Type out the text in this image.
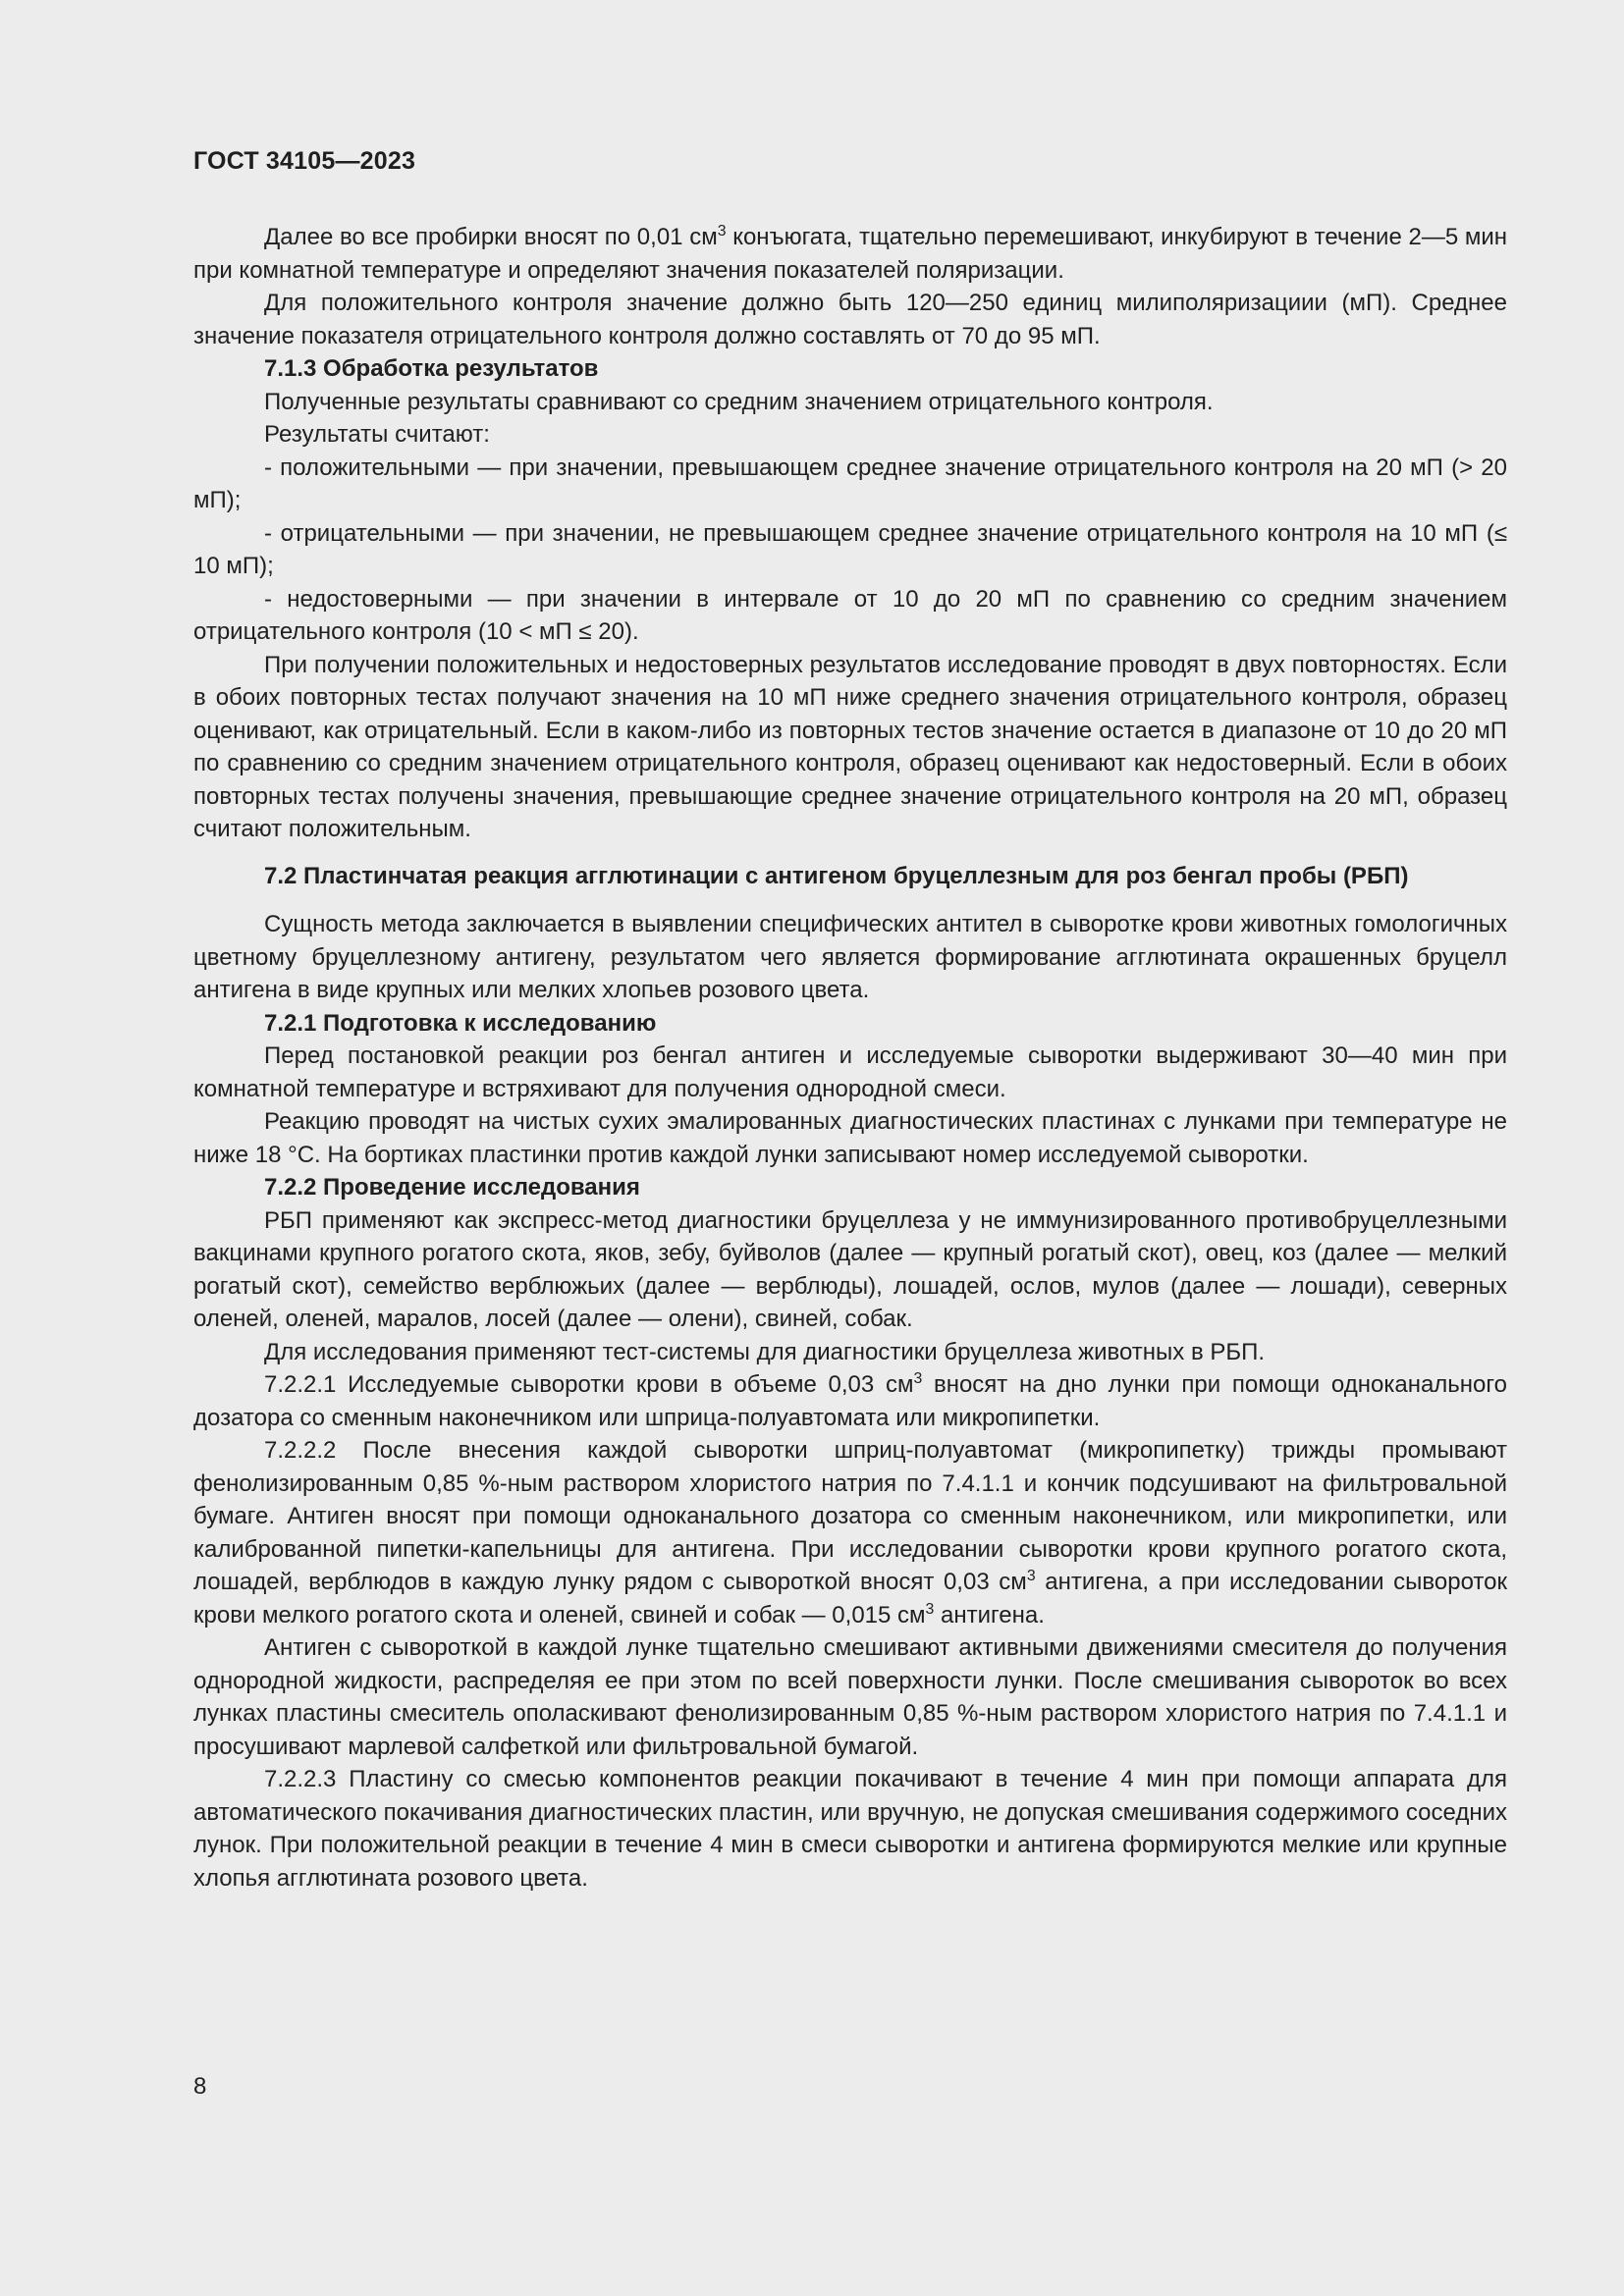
ГОСТ 34105—2023

Далее во все пробирки вносят по 0,01 $см^3$ конъюгата, тщательно перемешивают, инкубируют в течение 2—5 мин при комнатной температуре и определяют значения показателей поляризации.

Для положительного контроля значение должно быть 120—250 единиц милиполяризациии (мП). Среднее значение показателя отрицательного контроля должно составлять от 70 до 95 мП.

7.1.3 Обработка результатов

Полученные результаты сравнивают со средним значением отрицательного контроля.

Результаты считают:

- положительными — при значении, превышающем среднее значение отрицательного контроля на 20 мП (> 20 мП);

- отрицательными — при значении, не превышающем среднее значение отрицательного контроля на 10 мП (≤ 10 мП);

- недостоверными — при значении в интервале от 10 до 20 мП по сравнению со средним значением отрицательного контроля (10 < мП ≤ 20).

При получении положительных и недостоверных результатов исследование проводят в двух повторностях. Если в обоих повторных тестах получают значения на 10 мП ниже среднего значения отрицательного контроля, образец оценивают, как отрицательный. Если в каком-либо из повторных тестов значение остается в диапазоне от 10 до 20 мП по сравнению со средним значением отрицательного контроля, образец оценивают как недостоверный. Если в обоих повторных тестах получены значения, превышающие среднее значение отрицательного контроля на 20 мП, образец считают положительным.

7.2 Пластинчатая реакция агглютинации с антигеном бруцеллезным для роз бенгал пробы (РБП)

Сущность метода заключается в выявлении специфических антител в сыворотке крови животных гомологичных цветному бруцеллезному антигену, результатом чего является формирование агглютината окрашенных бруцелл антигена в виде крупных или мелких хлопьев розового цвета.

7.2.1 Подготовка к исследованию

Перед постановкой реакции роз бенгал антиген и исследуемые сыворотки выдерживают 30—40 мин при комнатной температуре и встряхивают для получения однородной смеси.

Реакцию проводят на чистых сухих эмалированных диагностических пластинах с лунками при температуре не ниже 18 °С. На бортиках пластинки против каждой лунки записывают номер исследуемой сыворотки.

7.2.2 Проведение исследования

РБП применяют как экспресс-метод диагностики бруцеллеза у не иммунизированного противобруцеллезными вакцинами крупного рогатого скота, яков, зебу, буйволов (далее — крупный рогатый скот), овец, коз (далее — мелкий рогатый скот), семейство верблюжьих (далее — верблюды), лошадей, ослов, мулов (далее — лошади), северных оленей, оленей, маралов, лосей (далее — олени), свиней, собак.

Для исследования применяют тест-системы для диагностики бруцеллеза животных в РБП.

7.2.2.1 Исследуемые сыворотки крови в объеме 0,03 $см^3$ вносят на дно лунки при помощи одноканального дозатора со сменным наконечником или шприца-полуавтомата или микропипетки.

7.2.2.2 После внесения каждой сыворотки шприц-полуавтомат (микропипетку) трижды промывают фенолизированным 0,85 %-ным раствором хлористого натрия по 7.4.1.1 и кончик подсушивают на фильтровальной бумаге. Антиген вносят при помощи одноканального дозатора со сменным наконечником, или микропипетки, или калиброванной пипетки-капельницы для антигена. При исследовании сыворотки крови крупного рогатого скота, лошадей, верблюдов в каждую лунку рядом с сывороткой вносят 0,03 $см^3$ антигена, а при исследовании сывороток крови мелкого рогатого скота и оленей, свиней и собак — 0,015 $см^3$ антигена.

Антиген с сывороткой в каждой лунке тщательно смешивают активными движениями смесителя до получения однородной жидкости, распределяя ее при этом по всей поверхности лунки. После смешивания сывороток во всех лунках пластины смеситель ополаскивают фенолизированным 0,85 %-ным раствором хлористого натрия по 7.4.1.1 и просушивают марлевой салфеткой или фильтровальной бумагой.

7.2.2.3 Пластину со смесью компонентов реакции покачивают в течение 4 мин при помощи аппарата для автоматического покачивания диагностических пластин, или вручную, не допуская смешивания содержимого соседних лунок. При положительной реакции в течение 4 мин в смеси сыворотки и антигена формируются мелкие или крупные хлопья агглютината розового цвета.

8
